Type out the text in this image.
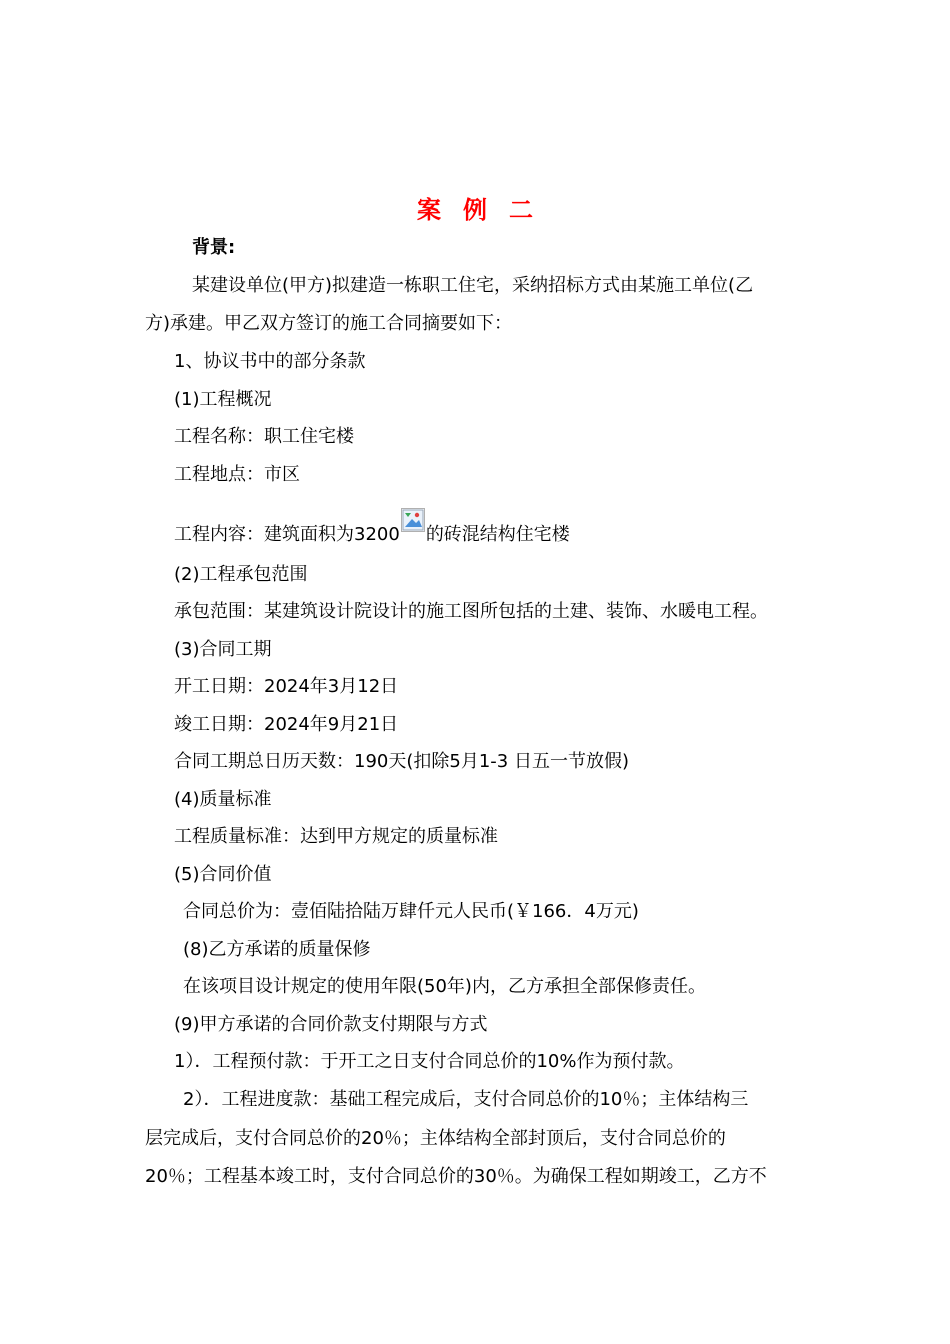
案 例 二
背景:
某建设单位(甲方)拟建造一栋职工住宅，采纳招标方式由某施工单位(乙
方)承建。甲乙双方签订的施工合同摘要如下：
1、协议书中的部分条款
(1)工程概况
工程名称：职工住宅楼
工程地点：市区
工程内容：建筑面积为3200 的砖混结构住宅楼
(2)工程承包范围
承包范围：某建筑设计院设计的施工图所包括的土建、装饰、水暖电工程。
(3)合同工期
开工日期：2024年3月12日
竣工日期：2024年9月21日
合同工期总日历天数：190天(扣除5月1-3 日五一节放假)
(4)质量标准
工程质量标准：达到甲方规定的质量标准
(5)合同价值
合同总价为：壹佰陆拾陆万肆仟元人民币(￥166．4万元)
(8)乙方承诺的质量保修
在该项目设计规定的使用年限(50年)内，乙方承担全部保修责任。
(9)甲方承诺的合同价款支付期限与方式
1）．工程预付款：于开工之日支付合同总价的10%作为预付款。
2）．工程进度款：基础工程完成后，支付合同总价的10％；主体结构三
层完成后，支付合同总价的20％；主体结构全部封顶后，支付合同总价的
20％；工程基本竣工时，支付合同总价的30％。为确保工程如期竣工，乙方不
